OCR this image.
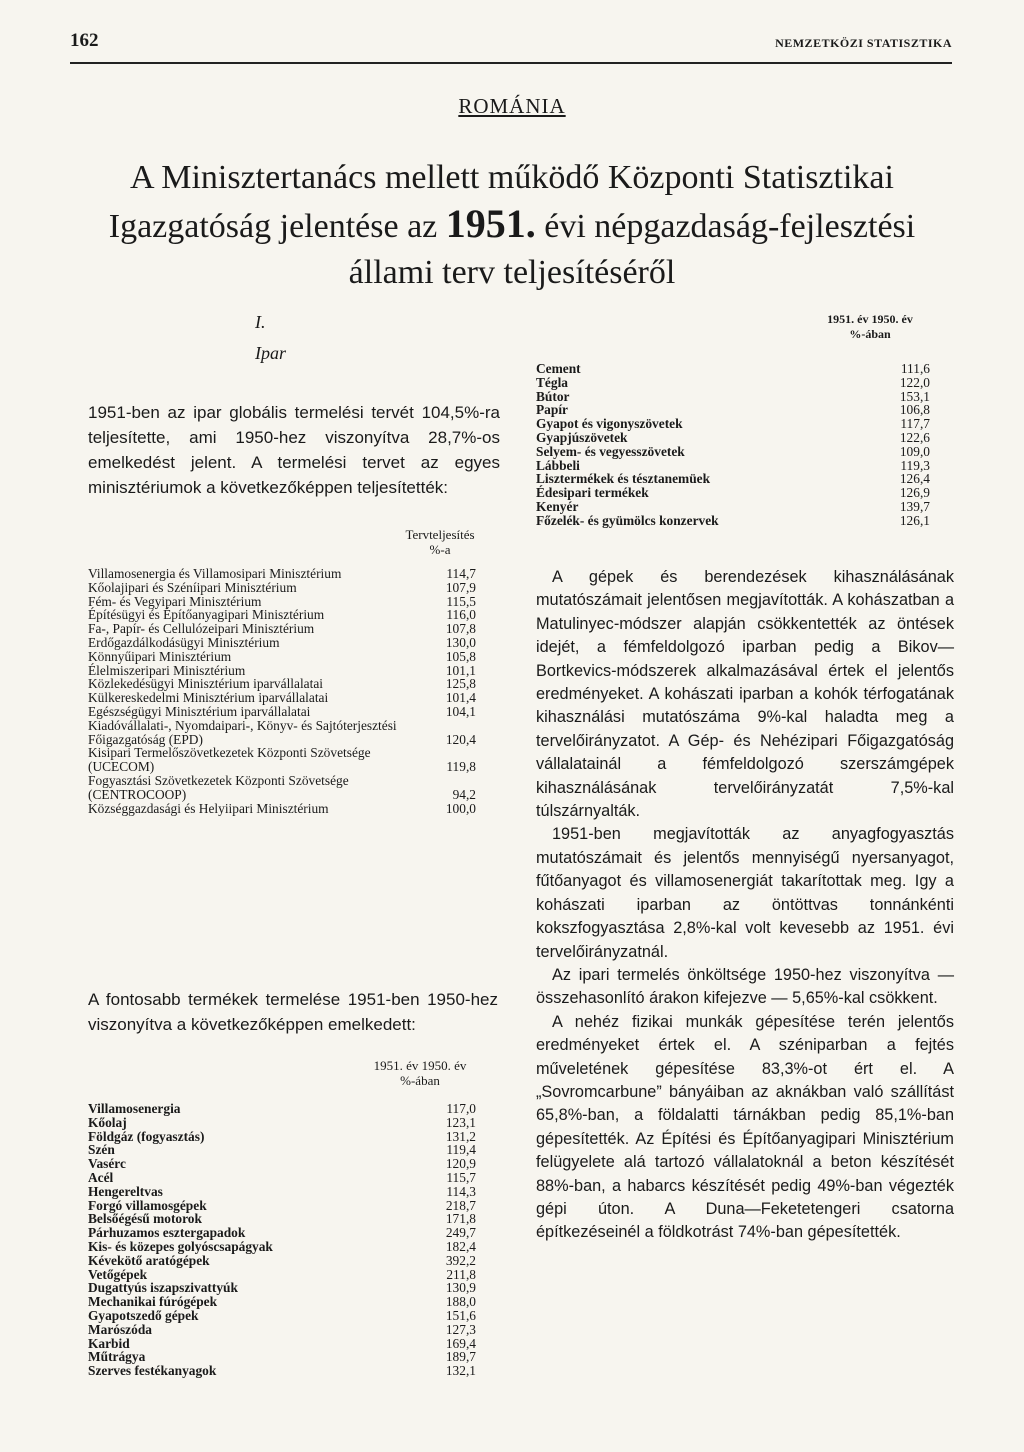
162	NEMZETKÖZI STATISZTIKA
ROMÁNIA
A Minisztertanács mellett működő Központi Statisztikai
Igazgatóság jelentése az 1951. évi népgazdaság-fejlesztési
állami terv teljesítéséről
I.
Ipar
1951-ben az ipar globális termelési tervét 104,5%-ra teljesítette, ami 1950-hez viszonyítva 28,7%-os emelkedést jelent. A termelési tervet az egyes minisztériumok a következőképpen teljesítették:
Tervteljesítés
%-a
Villamosenergia és Villamosipari Minisztérium	114,7
Kőolajipari és Széníipari Minisztérium	107,9
Fém- és Vegyipari Minisztérium	115,5
Építésügyi és Építőanyagipari Minisztérium	116,0
Fa-, Papír- és Cellulózeipari Minisztérium	107,8
Erdőgazdálkodásügyi Minisztérium	130,0
Könnyűipari Minisztérium	105,8
Élelmiszeripari Minisztérium	101,1
Közlekedésügyi Minisztérium iparvállalatai	125,8
Külkereskedelmi Minisztérium iparvállalatai	101,4
Egészségügyi Minisztérium iparvállalatai	104,1
Kiadóvállalati-, Nyomdaipari-, Könyv- és Sajtóterjesztési Főigazgatóság (EPD)	120,4
Kisipari Termelőszövetkezetek Központi Szövetsége (UCECOM)	119,8
Fogyasztási Szövetkezetek Központi Szövetsége (CENTROCOOP)	94,2
Községgazdasági és Helyiipari Minisztérium	100,0
A fontosabb termékek termelése 1951-ben 1950-hez viszonyítva a következőképpen emelkedett:
1951. év 1950. év
%-ában
Villamosenergia	117,0
Kőolaj	123,1
Földgáz (fogyasztás)	131,2
Szén	119,4
Vasérc	120,9
Acél	115,7
Hengereltvas	114,3
Forgó villamosgépek	218,7
Belsőégésű motorok	171,8
Párhuzamos esztergapadok	249,7
Kis- és közepes golyóscsapágyak	182,4
Kévekötő aratógépek	392,2
Vetőgépek	211,8
Dugattyús iszapszivattyúk	130,9
Mechanikai fúrógépek	188,0
Gyapotszedő gépek	151,6
Marószóda	127,3
Karbid	169,4
Műtrágya	189,7
Szerves festékanyagok	132,1
1951. év 1950. év
%-ában
Cement	111,6
Tégla	122,0
Bútor	153,1
Papír	106,8
Gyapot és vigonyszövetek	117,7
Gyapjúszövetek	122,6
Selyem- és vegyesszövetek	109,0
Lábbeli	119,3
Lisztermékek és tésztanemüek	126,4
Édesipari termékek	126,9
Kenyér	139,7
Főzelék- és gyümölcs konzervek	126,1

A gépek és berendezések kihasználásának mutatószámait jelentősen megjavították. A kohászatban a Matulinyec-módszer alapján csökkentették az öntések idejét, a fémfeldolgozó iparban pedig a Bikov—Bortkevics-módszerek alkalmazásával értek el jelentős eredményeket. A kohászati iparban a kohók térfogatának kihasználási mutatószáma 9%-kal haladta meg a tervelőirányzatot. A Gép- és Nehézipari Főigazgatóság vállalatainál a fémfeldolgozó szerszámgépek kihasználásának tervelőirányzatát 7,5%-kal túlszárnyalták.

1951-ben megjavították az anyagfogyasztás mutatószámait és jelentős mennyiségű nyersanyagot, fűtőanyagot és villamosenergiát takarítottak meg. Igy a kohászati iparban az öntöttvas tonnánkénti kokszfogyasztása 2,8%-kal volt kevesebb az 1951. évi tervelőirányzatnál.

Az ipari termelés önköltsége 1950-hez viszonyítva — összehasonlító árakon kifejezve — 5,65%-kal csökkent.

A nehéz fizikai munkák gépesítése terén jelentős eredményeket értek el. A széniparban a fejtés műveletének gépesítése 83,3%-ot ért el. A „Sovromcarbune” bányáiban az aknákban való szállítást 65,8%-ban, a földalatti tárnákban pedig 85,1%-ban gépesítették. Az Építési és Építőanyagipari Minisztérium felügyelete alá tartozó vállalatoknál a beton készítését 88%-ban, a habarcs készítését pedig 49%-ban végezték gépi úton. A Duna—Feketetengeri csatorna építkezéseinél a földkotrást 74%-ban gépesítették.
